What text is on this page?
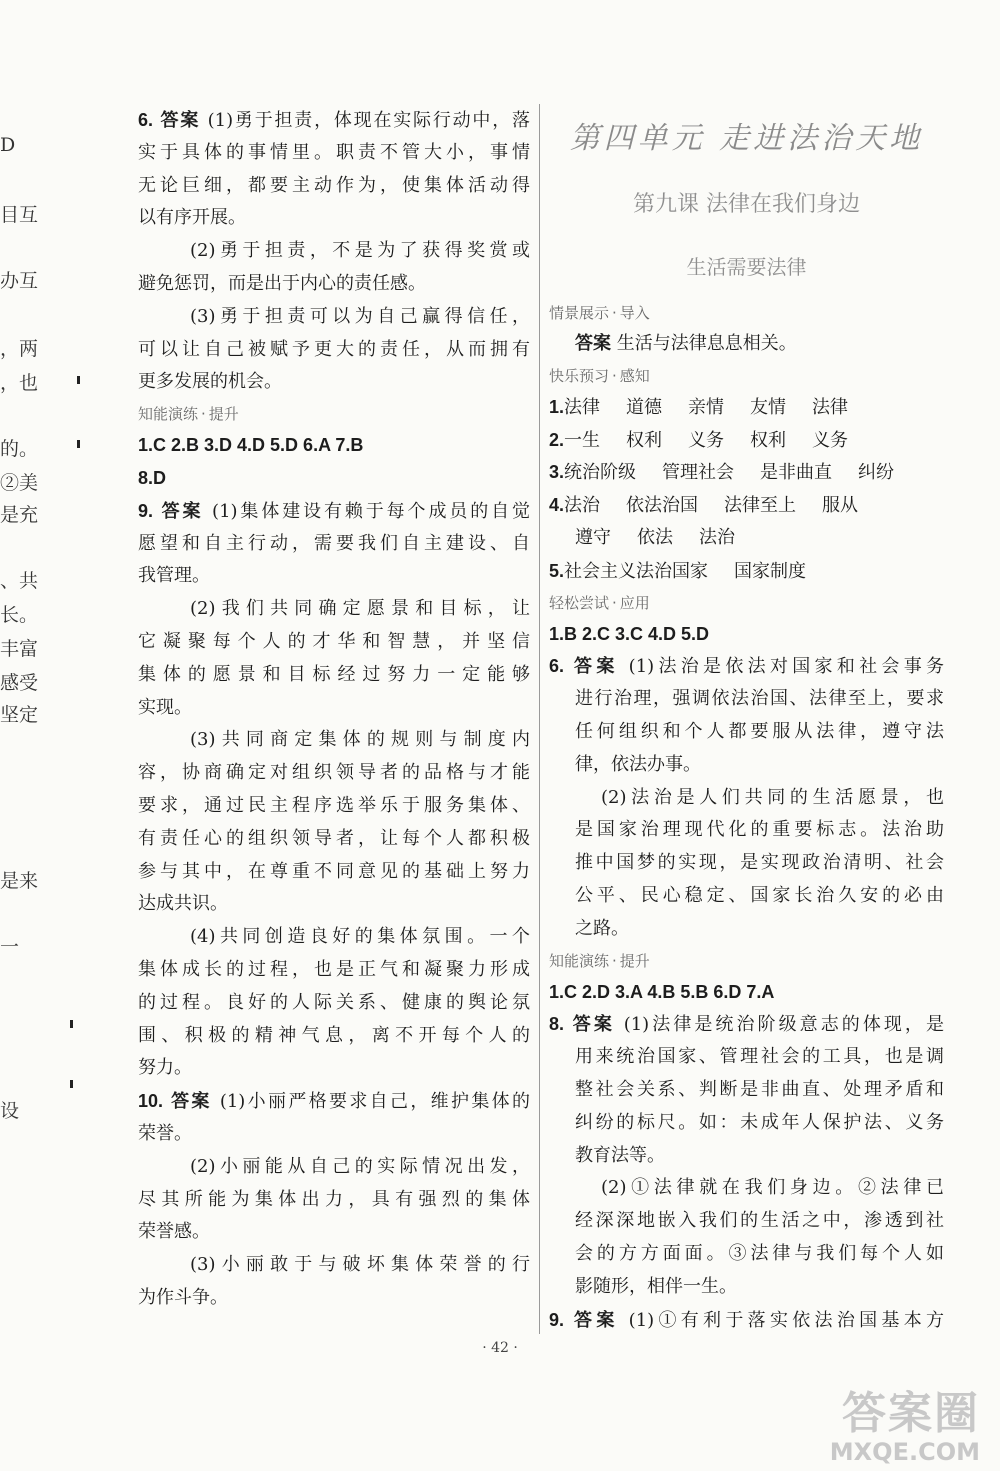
D
目互
办互
，两
，也
的。
②美
是充
、共
长。
丰富
感受
坚定
是来
一
设
6. 答案 (1)勇于担责，体现在实际行动中，落
实于具体的事情里。职责不管大小，事情
无论巨细，都要主动作为，使集体活动得
以有序开展。
(2)勇于担责，不是为了获得奖赏或
避免惩罚，而是出于内心的责任感。
(3)勇于担责可以为自己赢得信任，
可以让自己被赋予更大的责任，从而拥有
更多发展的机会。
知能演练 · 提升
1.C 2.B 3.D 4.D 5.D 6.A 7.B
8.D
9. 答案 (1)集体建设有赖于每个成员的自觉
愿望和自主行动，需要我们自主建设、自
我管理。
(2)我们共同确定愿景和目标，让
它凝聚每个人的才华和智慧，并坚信
集体的愿景和目标经过努力一定能够
实现。
(3)共同商定集体的规则与制度内
容，协商确定对组织领导者的品格与才能
要求，通过民主程序选举乐于服务集体、
有责任心的组织领导者，让每个人都积极
参与其中，在尊重不同意见的基础上努力
达成共识。
(4)共同创造良好的集体氛围。一个
集体成长的过程，也是正气和凝聚力形成
的过程。良好的人际关系、健康的舆论氛
围、积极的精神气息，离不开每个人的
努力。
10. 答案 (1)小丽严格要求自己，维护集体的
荣誉。
(2)小丽能从自己的实际情况出发，
尽其所能为集体出力，具有强烈的集体
荣誉感。
(3)小丽敢于与破坏集体荣誉的行
为作斗争。
第四单元 走进法治天地
第九课 法律在我们身边
生活需要法律
情景展示 · 导入
答案 生活与法律息息相关。
快乐预习 · 感知
1.法律 道德 亲情 友情 法律
2.一生 权利 义务 权利 义务
3.统治阶级 管理社会 是非曲直 纠纷
4.法治 依法治国 法律至上 服从
遵守 依法 法治
5.社会主义法治国家 国家制度
轻松尝试 · 应用
1.B 2.C 3.C 4.D 5.D
6. 答案 (1)法治是依法对国家和社会事务
进行治理，强调依法治国、法律至上，要求
任何组织和个人都要服从法律，遵守法
律，依法办事。
(2)法治是人们共同的生活愿景，也
是国家治理现代化的重要标志。法治助
推中国梦的实现，是实现政治清明、社会
公平、民心稳定、国家长治久安的必由
之路。
知能演练 · 提升
1.C 2.D 3.A 4.B 5.B 6.D 7.A
8. 答案 (1)法律是统治阶级意志的体现，是
用来统治国家、管理社会的工具，也是调
整社会关系、判断是非曲直、处理矛盾和
纠纷的标尺。如：未成年人保护法、义务
教育法等。
(2)①法律就在我们身边。②法律已
经深深地嵌入我们的生活之中，渗透到社
会的方方面面。③法律与我们每个人如
影随形，相伴一生。
9. 答案 (1)①有利于落实依法治国基本方
· 42 ·
答案圈
MXQE.COM
